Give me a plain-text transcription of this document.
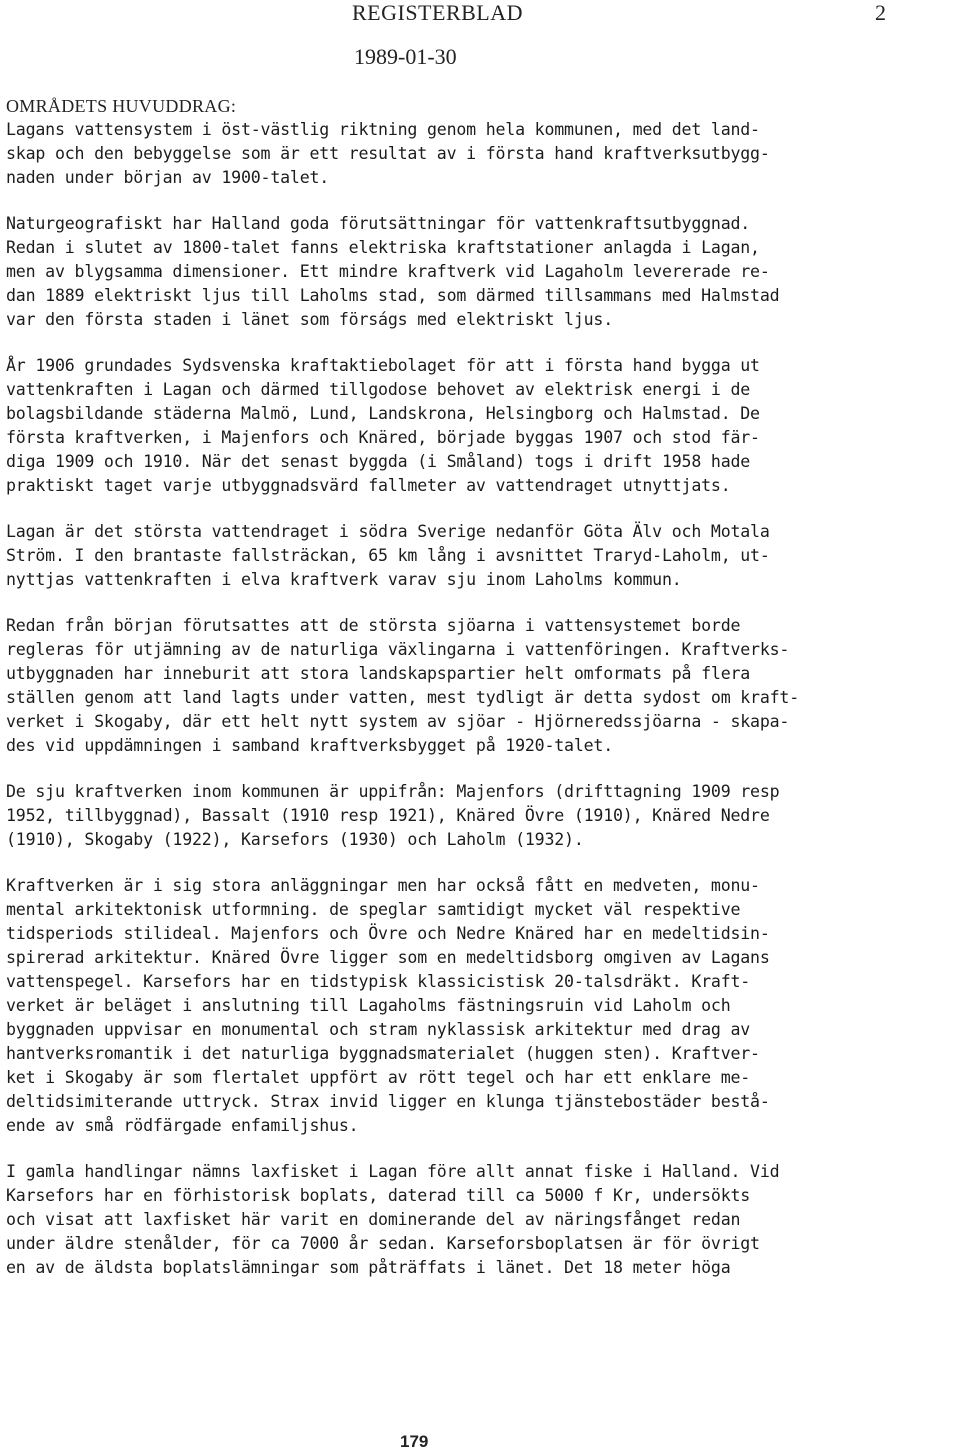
REGISTERBLAD	2
1989-01-30
OMRÅDETS HUVUDDRAG:
Lagans vattensystem i öst-västlig riktning genom hela kommunen, med det land-
skap och den bebyggelse som är ett resultat av i första hand kraftverksutbygg-
naden under början av 1900-talet.
Naturgeografiskt har Halland goda förutsättningar för vattenkraftsutbyggnad.
Redan i slutet av 1800-talet fanns elektriska kraftstationer anlagda i Lagan,
men av blygsamma dimensioner. Ett mindre kraftverk vid Lagaholm levererade re-
dan 1889 elektriskt ljus till Laholms stad, som därmed tillsammans med Halmstad
var den första staden i länet som förságs med elektriskt ljus.
År 1906 grundades Sydsvenska kraftaktiebolaget för att i första hand bygga ut
vattenkraften i Lagan och därmed tillgodose behovet av elektrisk energi i de
bolagsbildande städerna Malmö, Lund, Landskrona, Helsingborg och Halmstad. De
första kraftverken, i Majenfors och Knäred, började byggas 1907 och stod fär-
diga 1909 och 1910. När det senast byggda (i Småland) togs i drift 1958 hade
praktiskt taget varje utbyggnadsvärd fallmeter av vattendraget utnyttjats.
Lagan är det största vattendraget i södra Sverige nedanför Göta Älv och Motala
Ström. I den brantaste fallsträckan, 65 km lång i avsnittet Traryd-Laholm, ut-
nyttjas vattenkraften i elva kraftverk varav sju inom Laholms kommun.
Redan från början förutsattes att de största sjöarna i vattensystemet borde
regleras för utjämning av de naturliga växlingarna i vattenföringen. Kraftverks-
utbyggnaden har inneburit att stora landskapspartier helt omformats på flera
ställen genom att land lagts under vatten, mest tydligt är detta sydost om kraft-
verket i Skogaby, där ett helt nytt system av sjöar - Hjörneredssjöarna - skapa-
des vid uppdämningen i samband kraftverksbygget på 1920-talet.
De sju kraftverken inom kommunen är uppifrån: Majenfors (drifttagning 1909 resp
1952, tillbyggnad), Bassalt (1910 resp 1921), Knäred Övre (1910), Knäred Nedre
(1910), Skogaby (1922), Karsefors (1930) och Laholm (1932).
Kraftverken är i sig stora anläggningar men har också fått en medveten, monu-
mental arkitektonisk utformning. de speglar samtidigt mycket väl respektive
tidsperiods stilideal. Majenfors och Övre och Nedre Knäred har en medeltidsin-
spirerad arkitektur. Knäred Övre ligger som en medeltidsborg omgiven av Lagans
vattenspegel. Karsefors har en tidstypisk klassicistisk 20-talsdräkt. Kraft-
verket är beläget i anslutning till Lagaholms fästningsruin vid Laholm och
byggnaden uppvisar en monumental och stram nyklassisk arkitektur med drag av
hantverksromantik i det naturliga byggnadsmaterialet (huggen sten). Kraftver-
ket i Skogaby är som flertalet uppfört av rött tegel och har ett enklare me-
deltidsimiterande uttryck. Strax invid ligger en klunga tjänstebostäder bestå-
ende av små rödfärgade enfamiljshus.
I gamla handlingar nämns laxfisket i Lagan före allt annat fiske i Halland. Vid
Karsefors har en förhistorisk boplats, daterad till ca 5000 f Kr, undersökts
och visat att laxfisket här varit en dominerande del av näringsfånget redan
under äldre stenålder, för ca 7000 år sedan. Karseforsboplatsen är för övrigt
en av de äldsta boplatslämningar som påträffats i länet. Det 18 meter höga
179
